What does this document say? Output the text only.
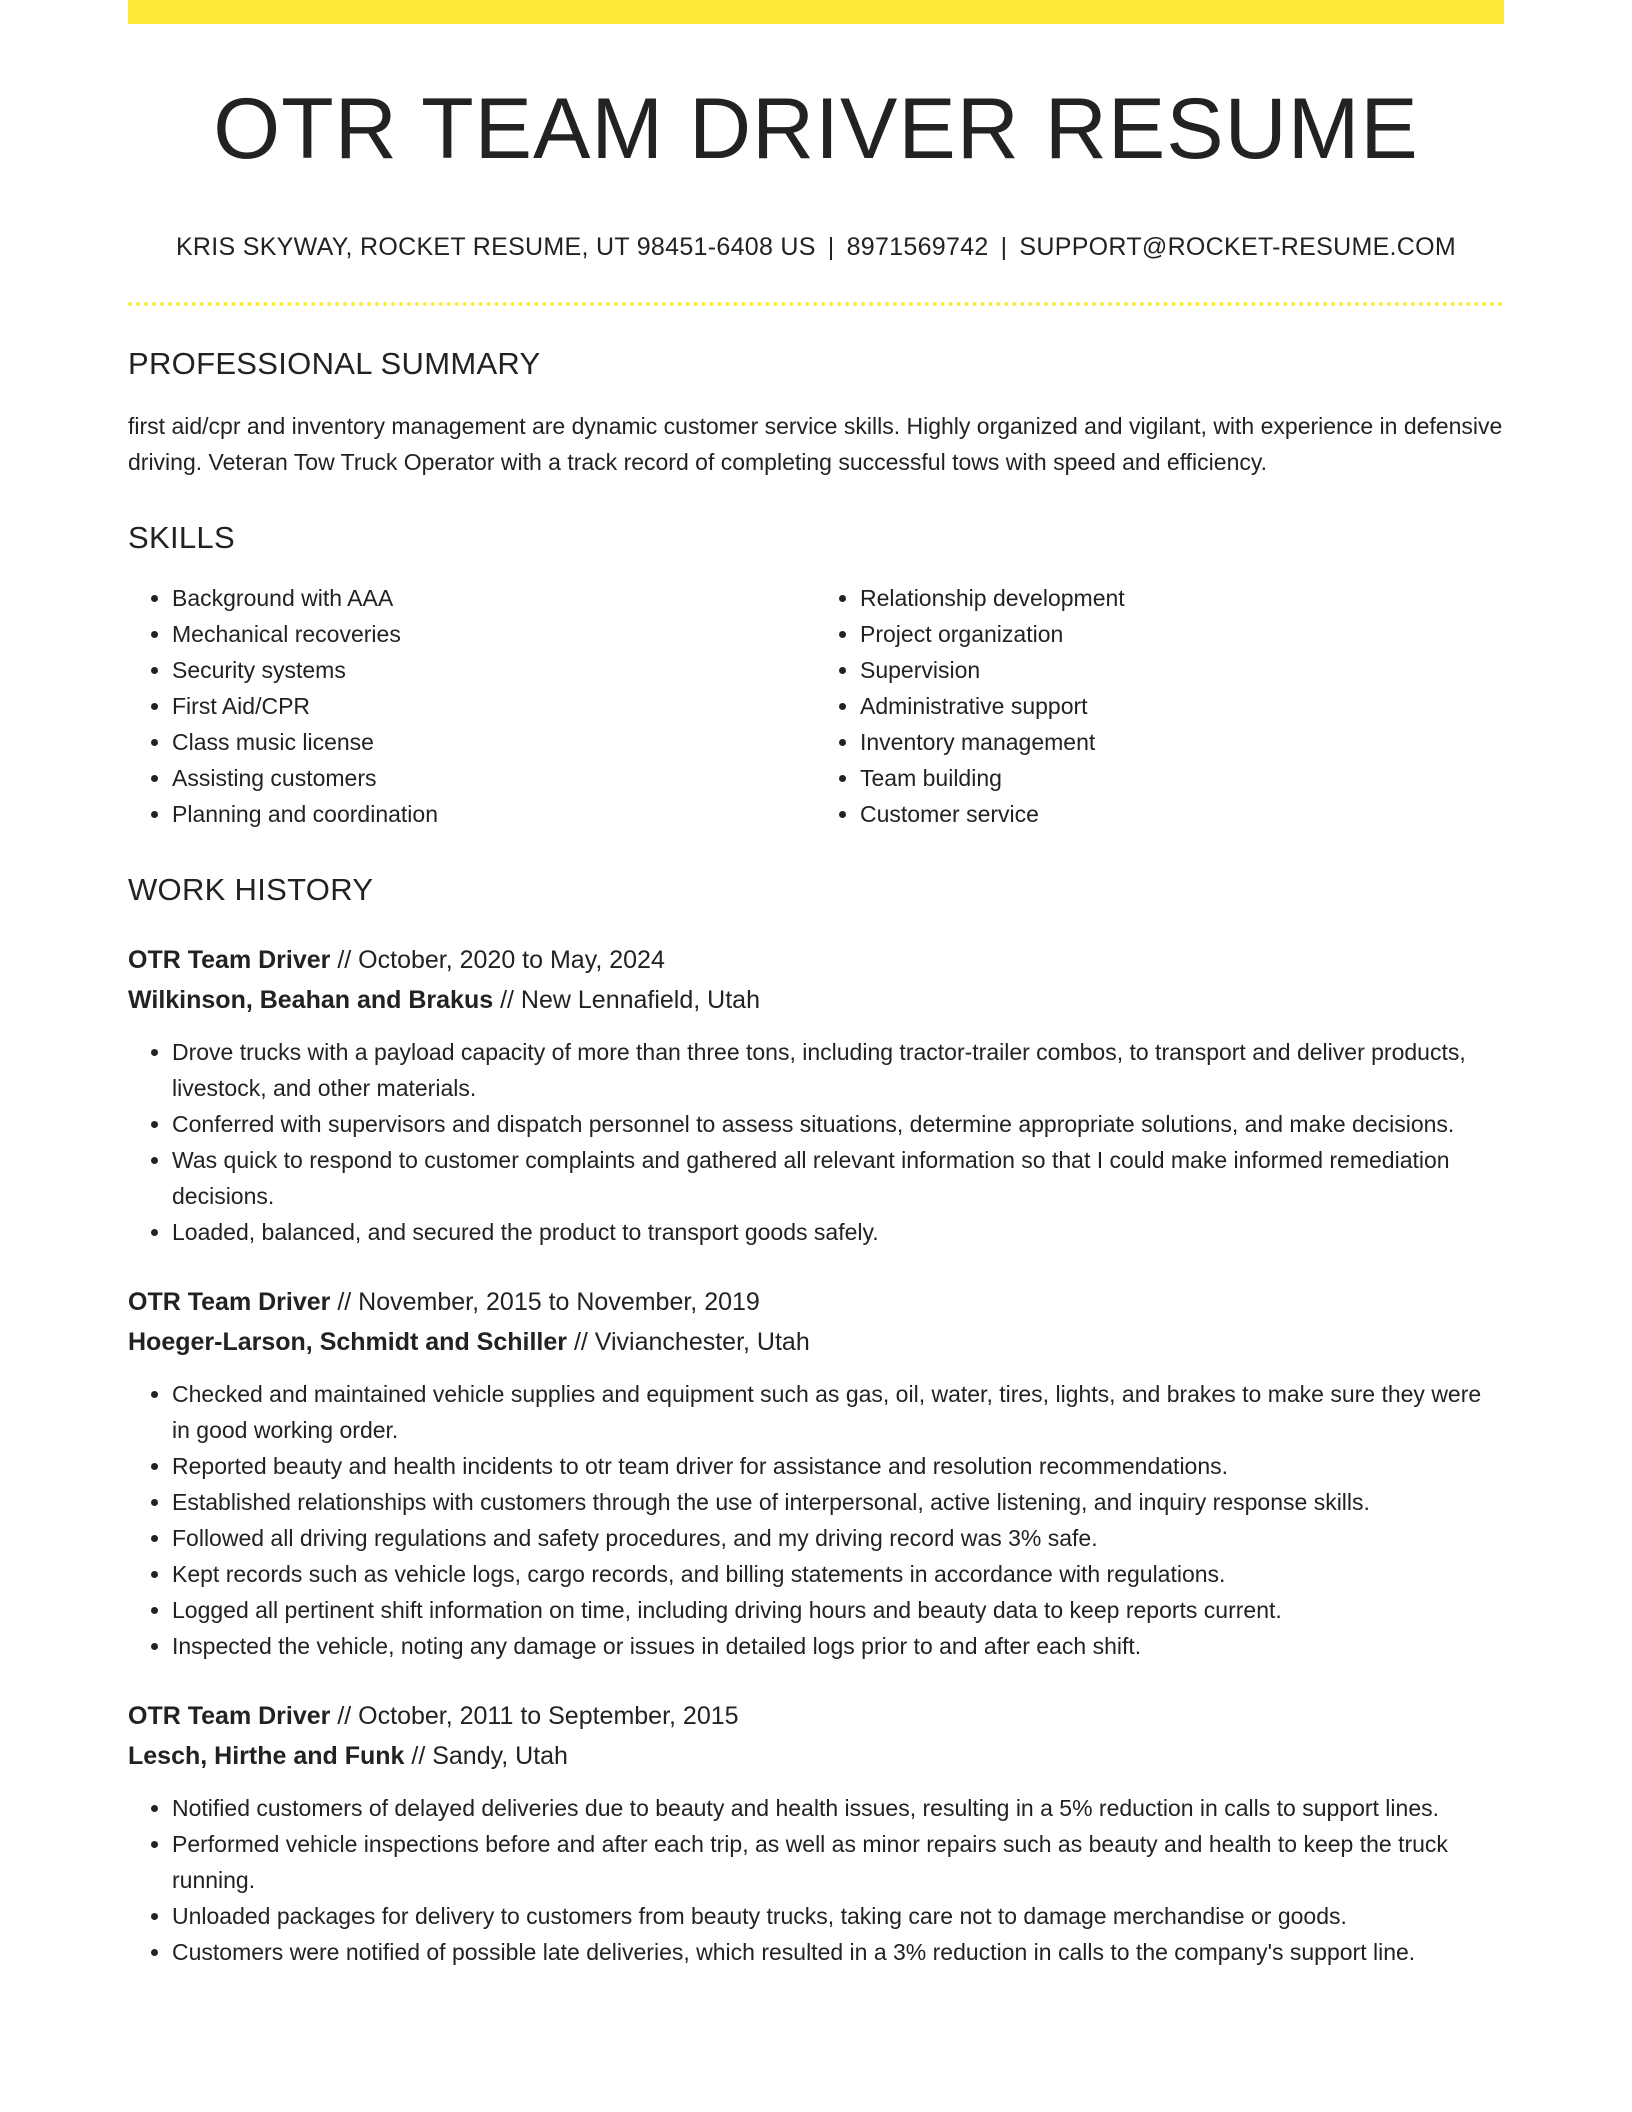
OTR TEAM DRIVER RESUME
KRIS SKYWAY, ROCKET RESUME, UT 98451-6408 US | 8971569742 | SUPPORT@ROCKET-RESUME.COM
PROFESSIONAL SUMMARY
first aid/cpr and inventory management are dynamic customer service skills. Highly organized and vigilant, with experience in defensive driving. Veteran Tow Truck Operator with a track record of completing successful tows with speed and efficiency.
SKILLS
• Background with AAA
• Mechanical recoveries
• Security systems
• First Aid/CPR
• Class music license
• Assisting customers
• Planning and coordination
• Relationship development
• Project organization
• Supervision
• Administrative support
• Inventory management
• Team building
• Customer service
WORK HISTORY
OTR Team Driver // October, 2020 to May, 2024
Wilkinson, Beahan and Brakus // New Lennafield, Utah
• Drove trucks with a payload capacity of more than three tons, including tractor-trailer combos, to transport and deliver products, livestock, and other materials.
• Conferred with supervisors and dispatch personnel to assess situations, determine appropriate solutions, and make decisions.
• Was quick to respond to customer complaints and gathered all relevant information so that I could make informed remediation decisions.
• Loaded, balanced, and secured the product to transport goods safely.
OTR Team Driver // November, 2015 to November, 2019
Hoeger-Larson, Schmidt and Schiller // Vivianchester, Utah
• Checked and maintained vehicle supplies and equipment such as gas, oil, water, tires, lights, and brakes to make sure they were in good working order.
• Reported beauty and health incidents to otr team driver for assistance and resolution recommendations.
• Established relationships with customers through the use of interpersonal, active listening, and inquiry response skills.
• Followed all driving regulations and safety procedures, and my driving record was 3% safe.
• Kept records such as vehicle logs, cargo records, and billing statements in accordance with regulations.
• Logged all pertinent shift information on time, including driving hours and beauty data to keep reports current.
• Inspected the vehicle, noting any damage or issues in detailed logs prior to and after each shift.
OTR Team Driver // October, 2011 to September, 2015
Lesch, Hirthe and Funk // Sandy, Utah
• Notified customers of delayed deliveries due to beauty and health issues, resulting in a 5% reduction in calls to support lines.
• Performed vehicle inspections before and after each trip, as well as minor repairs such as beauty and health to keep the truck running.
• Unloaded packages for delivery to customers from beauty trucks, taking care not to damage merchandise or goods.
• Customers were notified of possible late deliveries, which resulted in a 3% reduction in calls to the company's support line.
